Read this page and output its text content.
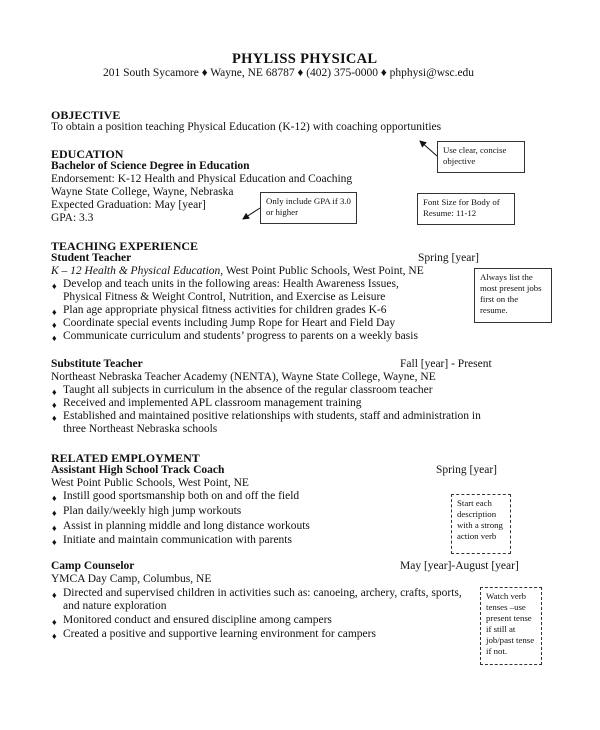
PHYLISS PHYSICAL
201 South Sycamore ♦ Wayne, NE 68787 ♦ (402) 375-0000 ♦ phphysi@wsc.edu
OBJECTIVE
To obtain a position teaching Physical Education (K-12) with coaching opportunities
EDUCATION
Bachelor of Science Degree in Education
Endorsement: K-12 Health and Physical Education and Coaching
Wayne State College, Wayne, Nebraska
Expected Graduation: May [year]
GPA: 3.3
TEACHING EXPERIENCE
Student Teacher	Spring [year]
K – 12 Health & Physical Education, West Point Public Schools, West Point, NE
♦ Develop and teach units in the following areas: Health Awareness Issues,
Physical Fitness & Weight Control, Nutrition, and Exercise as Leisure
♦ Plan age appropriate physical fitness activities for children grades K-6
♦ Coordinate special events including Jump Rope for Heart and Field Day
♦ Communicate curriculum and students’ progress to parents on a weekly basis
Substitute Teacher	Fall [year] - Present
Northeast Nebraska Teacher Academy (NENTA), Wayne State College, Wayne, NE
♦ Taught all subjects in curriculum in the absence of the regular classroom teacher
♦ Received and implemented APL classroom management training
♦ Established and maintained positive relationships with students, staff and administration in
three Northeast Nebraska schools
RELATED EMPLOYMENT
Assistant High School Track Coach	Spring [year]
West Point Public Schools, West Point, NE
♦ Instill good sportsmanship both on and off the field
♦ Plan daily/weekly high jump workouts
♦ Assist in planning middle and long distance workouts
♦ Initiate and maintain communication with parents
Camp Counselor	May [year]-August [year]
YMCA Day Camp, Columbus, NE
♦ Directed and supervised children in activities such as: canoeing, archery, crafts, sports,
and nature exploration
♦ Monitored conduct and ensured discipline among campers
♦ Created a positive and supportive learning environment for campers
Use clear, concise objective
Only include GPA if 3.0 or higher
Font Size for Body of Resume: 11-12
Always list the most present jobs first on the resume.
Start each description with a strong action verb
Watch verb tenses –use present tense if still at job/past tense if not.
